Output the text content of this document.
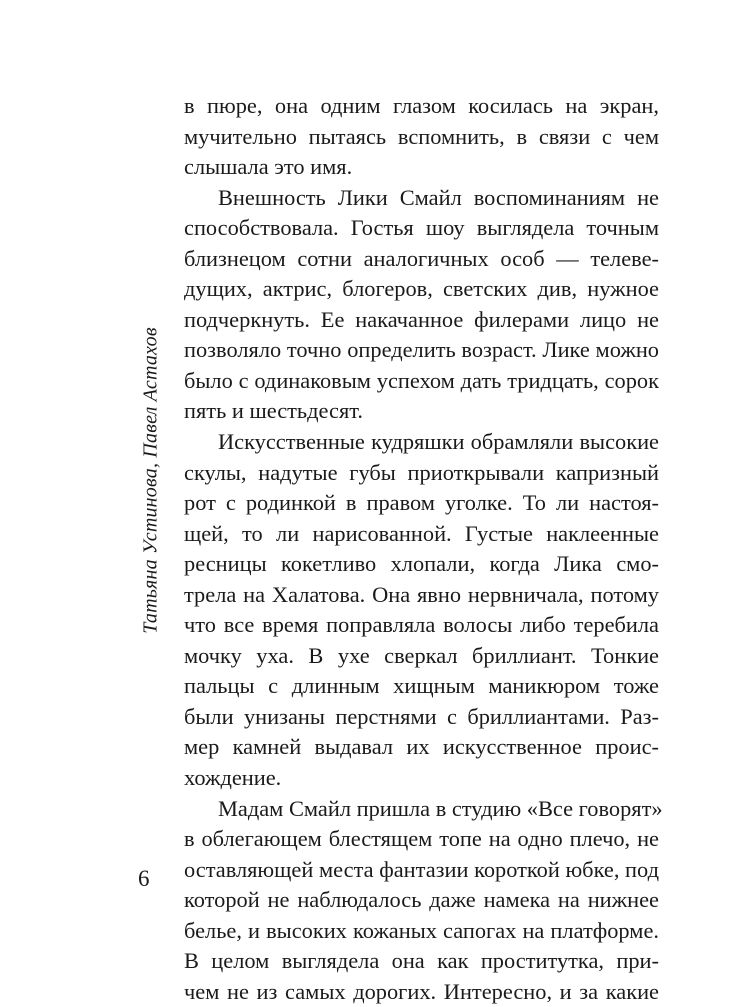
Татьяна Устинова, Павел Астахов
6
в пюре, она одним глазом косилась на экран,
мучительно пытаясь вспомнить, в связи с чем
слышала это имя.
Внешность Лики Смайл воспоминаниям не
способствовала. Гостья шоу выглядела точным
близнецом сотни аналогичных особ — телеве-
дущих, актрис, блогеров, светских див, нужное
подчеркнуть. Ее накачанное филерами лицо не
позволяло точно определить возраст. Лике можно
было с одинаковым успехом дать тридцать, сорок
пять и шестьдесят.
Искусственные кудряшки обрамляли высокие
скулы, надутые губы приоткрывали капризный
рот с родинкой в правом уголке. То ли настоя-
щей, то ли нарисованной. Густые наклеенные
ресницы кокетливо хлопали, когда Лика смо-
трела на Халатова. Она явно нервничала, потому
что все время поправляла волосы либо теребила
мочку уха. В ухе сверкал бриллиант. Тонкие
пальцы с длинным хищным маникюром тоже
были унизаны перстнями с бриллиантами. Раз-
мер камней выдавал их искусственное проис-
хождение.
Мадам Смайл пришла в студию «Все говорят»
в облегающем блестящем топе на одно плечо, не
оставляющей места фантазии короткой юбке, под
которой не наблюдалось даже намека на нижнее
белье, и высоких кожаных сапогах на платформе.
В целом выглядела она как проститутка, при-
чем не из самых дорогих. Интересно, и за какие
